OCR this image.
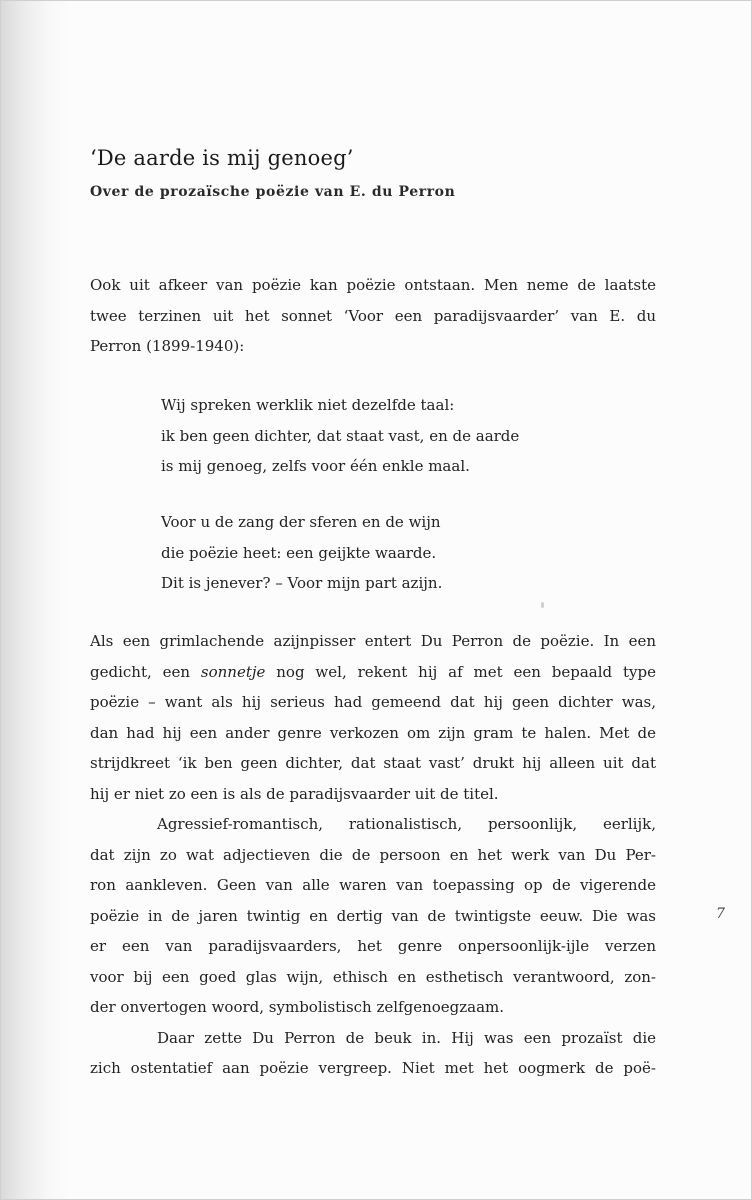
‘De aarde is mij genoeg’
Over de prozaïsche poëzie van E. du Perron
Ook uit afkeer van poëzie kan poëzie ontstaan. Men neme de laatste
twee terzinen uit het sonnet ‘Voor een paradijsvaarder’ van E. du
Perron (1899-1940):
Wij spreken werklik niet dezelfde taal:
ik ben geen dichter, dat staat vast, en de aarde
is mij genoeg, zelfs voor één enkle maal.
Voor u de zang der sferen en de wijn
die poëzie heet: een geijkte waarde.
Dit is jenever? – Voor mijn part azijn.
Als een grimlachende azijnpisser entert Du Perron de poëzie. In een
gedicht, een sonnetje nog wel, rekent hij af met een bepaald type
poëzie – want als hij serieus had gemeend dat hij geen dichter was,
dan had hij een ander genre verkozen om zijn gram te halen. Met de
strijdkreet ‘ik ben geen dichter, dat staat vast’ drukt hij alleen uit dat
hij er niet zo een is als de paradijsvaarder uit de titel.
Agressief-romantisch, rationalistisch, persoonlijk, eerlijk,
dat zijn zo wat adjectieven die de persoon en het werk van Du Per-
ron aankleven. Geen van alle waren van toepassing op de vigerende
poëzie in de jaren twintig en dertig van de twintigste eeuw. Die was
er een van paradijsvaarders, het genre onpersoonlijk-ijle verzen
voor bij een goed glas wijn, ethisch en esthetisch verantwoord, zon-
der onvertogen woord, symbolistisch zelfgenoegzaam.
Daar zette Du Perron de beuk in. Hij was een prozaïst die
zich ostentatief aan poëzie vergreep. Niet met het oogmerk de poë-
7
